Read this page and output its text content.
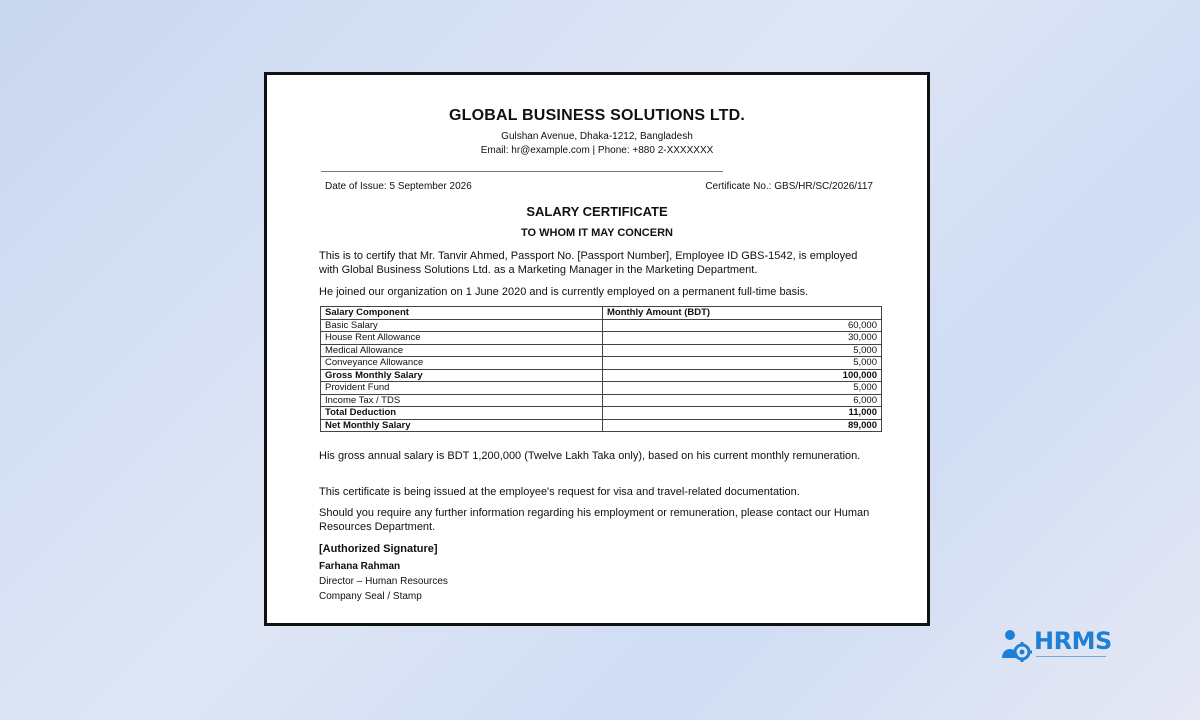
GLOBAL BUSINESS SOLUTIONS LTD.
Gulshan Avenue, Dhaka-1212, Bangladesh
Email: hr@example.com | Phone: +880 2-XXXXXXX
Date of Issue: 5 September 2026	Certificate No.: GBS/HR/SC/2026/117
SALARY CERTIFICATE
TO WHOM IT MAY CONCERN
This is to certify that Mr. Tanvir Ahmed, Passport No. [Passport Number], Employee ID GBS-1542, is employed with Global Business Solutions Ltd. as a Marketing Manager in the Marketing Department.
He joined our organization on 1 June 2020 and is currently employed on a permanent full-time basis.
Salary Component	Monthly Amount (BDT)
Basic Salary	60,000
House Rent Allowance	30,000
Medical Allowance	5,000
Conveyance Allowance	5,000
Gross Monthly Salary	100,000
Provident Fund	5,000
Income Tax / TDS	6,000
Total Deduction	11,000
Net Monthly Salary	89,000
His gross annual salary is BDT 1,200,000 (Twelve Lakh Taka only), based on his current monthly remuneration.
This certificate is being issued at the employee's request for visa and travel-related documentation.
Should you require any further information regarding his employment or remuneration, please contact our Human Resources Department.
[Authorized Signature]
Farhana Rahman
Director – Human Resources
Company Seal / Stamp
HRMS
